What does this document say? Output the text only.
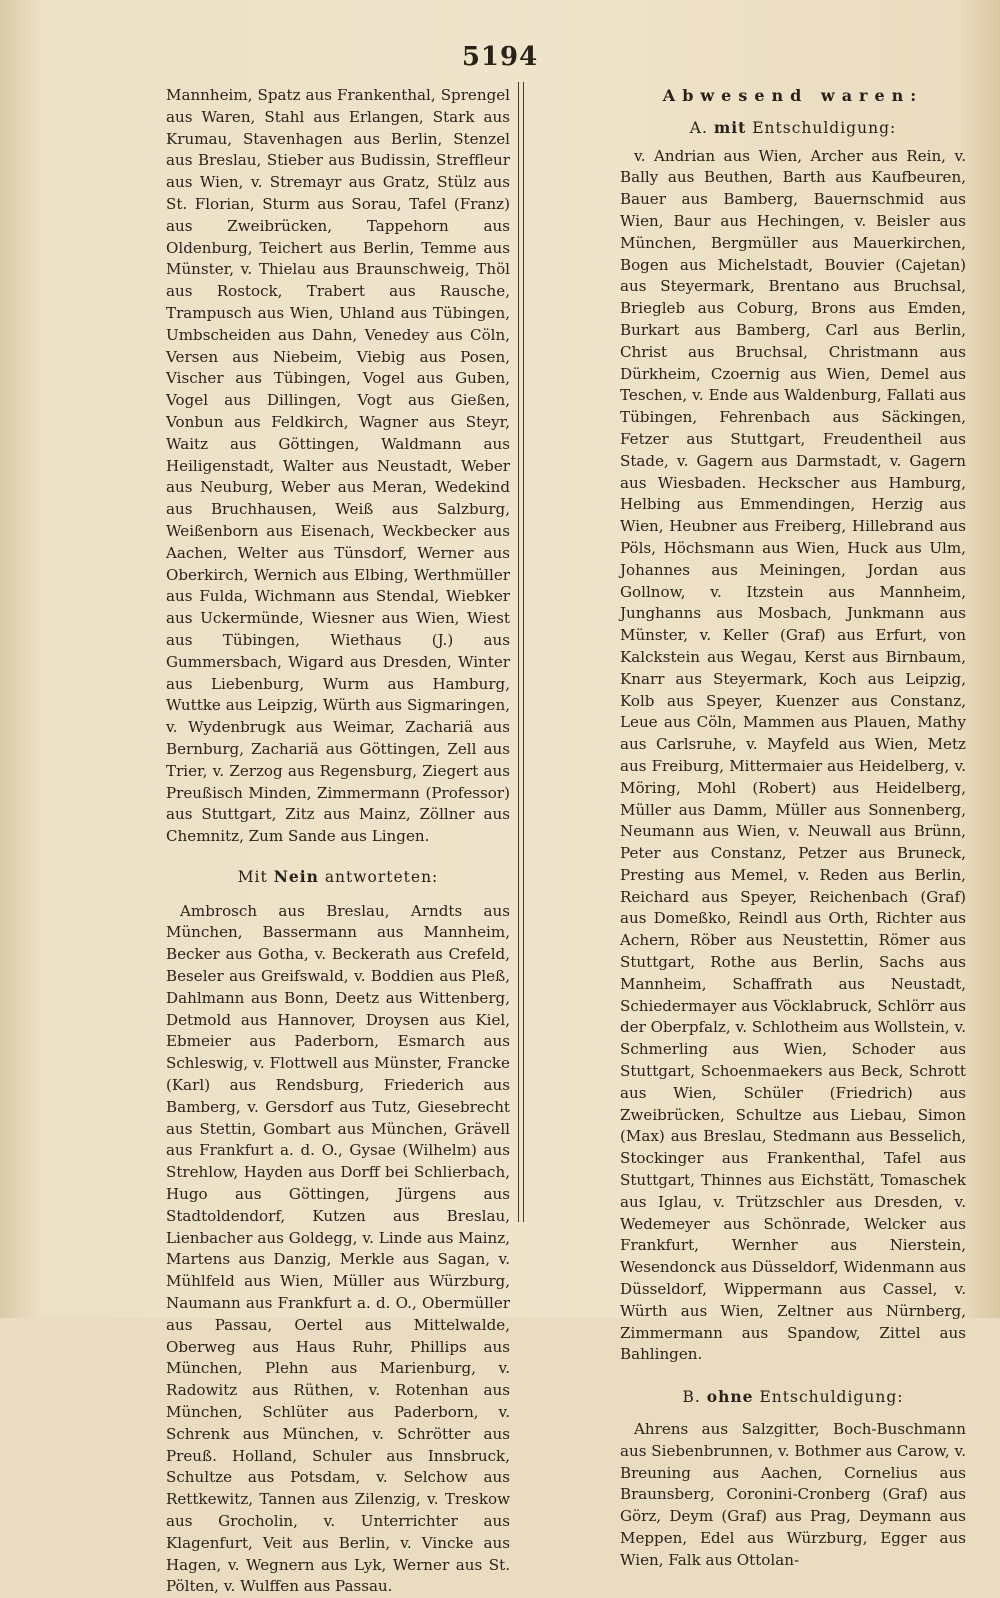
5194

Mannheim, Spatz aus Frankenthal, Sprengel aus Waren, Stahl aus Erlangen, Stark aus Krumau, Stavenhagen aus Berlin, Stenzel aus Breslau, Stieber aus Budissin, Streffleur aus Wien, v. Stremayr aus Gratz, Stülz aus St. Florian, Sturm aus Sorau, Tafel (Franz) aus Zweibrücken, Tappehorn aus Oldenburg, Teichert aus Berlin, Temme aus Münster, v. Thielau aus Braunschweig, Thöl aus Rostock, Trabert aus Rausche, Trampusch aus Wien, Uhland aus Tübingen, Umbscheiden aus Dahn, Venedey aus Cöln, Versen aus Niebeim, Viebig aus Posen, Vischer aus Tübingen, Vogel aus Guben, Vogel aus Dillingen, Vogt aus Gießen, Vonbun aus Feldkirch, Wagner aus Steyr, Waitz aus Göttingen, Waldmann aus Heiligenstadt, Walter aus Neustadt, Weber aus Neuburg, Weber aus Meran, Wedekind aus Bruchhausen, Weiß aus Salzburg, Weißenborn aus Eisenach, Weckbecker aus Aachen, Welter aus Tünsdorf, Werner aus Oberkirch, Wernich aus Elbing, Werthmüller aus Fulda, Wichmann aus Stendal, Wiebker aus Uckermünde, Wiesner aus Wien, Wiest aus Tübingen, Wiethaus (J.) aus Gummersbach, Wigard aus Dresden, Winter aus Liebenburg, Wurm aus Hamburg, Wuttke aus Leipzig, Würth aus Sigmaringen, v. Wydenbrugk aus Weimar, Zachariä aus Bernburg, Zachariä aus Göttingen, Zell aus Trier, v. Zerzog aus Regensburg, Ziegert aus Preußisch Minden, Zimmermann (Professor) aus Stuttgart, Zitz aus Mainz, Zöllner aus Chemnitz, Zum Sande aus Lingen.

Mit Nein antworteten:

Ambrosch aus Breslau, Arndts aus München, Bassermann aus Mannheim, Becker aus Gotha, v. Beckerath aus Crefeld, Beseler aus Greifswald, v. Boddien aus Pleß, Dahlmann aus Bonn, Deetz aus Wittenberg, Detmold aus Hannover, Droysen aus Kiel, Ebmeier aus Paderborn, Esmarch aus Schleswig, v. Flottwell aus Münster, Francke (Karl) aus Rendsburg, Friederich aus Bamberg, v. Gersdorf aus Tutz, Giesebrecht aus Stettin, Gombart aus München, Grävell aus Frankfurt a. d. O., Gysae (Wilhelm) aus Strehlow, Hayden aus Dorff bei Schlierbach, Hugo aus Göttingen, Jürgens aus Stadtoldendorf, Kutzen aus Breslau, Lienbacher aus Goldegg, v. Linde aus Mainz, Martens aus Danzig, Merkle aus Sagan, v. Mühlfeld aus Wien, Müller aus Würzburg, Naumann aus Frankfurt a. d. O., Obermüller aus Passau, Oertel aus Mittelwalde, Oberweg aus Haus Ruhr, Phillips aus München, Plehn aus Marienburg, v. Radowitz aus Rüthen, v. Rotenhan aus München, Schlüter aus Paderborn, v. Schrenk aus München, v. Schrötter aus Preuß. Holland, Schuler aus Innsbruck, Schultze aus Potsdam, v. Selchow aus Rettkewitz, Tannen aus Zilenzig, v. Treskow aus Grocholin, v. Unterrichter aus Klagenfurt, Veit aus Berlin, v. Vincke aus Hagen, v. Wegnern aus Lyk, Werner aus St. Pölten, v. Wulffen aus Passau.

Abwesend waren:
A. mit Entschuldigung:

v. Andrian aus Wien, Archer aus Rein, v. Bally aus Beuthen, Barth aus Kaufbeuren, Bauer aus Bamberg, Bauernschmid aus Wien, Baur aus Hechingen, v. Beisler aus München, Bergmüller aus Mauerkirchen, Bogen aus Michelstadt, Bouvier (Cajetan) aus Steyermark, Brentano aus Bruchsal, Briegleb aus Coburg, Brons aus Emden, Burkart aus Bamberg, Carl aus Berlin, Christ aus Bruchsal, Christmann aus Dürkheim, Czoernig aus Wien, Demel aus Teschen, v. Ende aus Waldenburg, Fallati aus Tübingen, Fehrenbach aus Säckingen, Fetzer aus Stuttgart, Freudentheil aus Stade, v. Gagern aus Darmstadt, v. Gagern aus Wiesbaden. Heckscher aus Hamburg, Helbing aus Emmendingen, Herzig aus Wien, Heubner aus Freiberg, Hillebrand aus Pöls, Höchsmann aus Wien, Huck aus Ulm, Johannes aus Meiningen, Jordan aus Gollnow, v. Itzstein aus Mannheim, Junghanns aus Mosbach, Junkmann aus Münster, v. Keller (Graf) aus Erfurt, von Kalckstein aus Wegau, Kerst aus Birnbaum, Knarr aus Steyermark, Koch aus Leipzig, Kolb aus Speyer, Kuenzer aus Constanz, Leue aus Cöln, Mammen aus Plauen, Mathy aus Carlsruhe, v. Mayfeld aus Wien, Metz aus Freiburg, Mittermaier aus Heidelberg, v. Möring, Mohl (Robert) aus Heidelberg, Müller aus Damm, Müller aus Sonnenberg, Neumann aus Wien, v. Neuwall aus Brünn, Peter aus Constanz, Petzer aus Bruneck, Presting aus Memel, v. Reden aus Berlin, Reichard aus Speyer, Reichenbach (Graf) aus Domeßko, Reindl aus Orth, Richter aus Achern, Röber aus Neustettin, Römer aus Stuttgart, Rothe aus Berlin, Sachs aus Mannheim, Schaffrath aus Neustadt, Schiedermayer aus Vöcklabruck, Schlörr aus der Oberpfalz, v. Schlotheim aus Wollstein, v. Schmerling aus Wien, Schoder aus Stuttgart, Schoenmaekers aus Beck, Schrott aus Wien, Schüler (Friedrich) aus Zweibrücken, Schultze aus Liebau, Simon (Max) aus Breslau, Stedmann aus Besselich, Stockinger aus Frankenthal, Tafel aus Stuttgart, Thinnes aus Eichstätt, Tomaschek aus Iglau, v. Trützschler aus Dresden, v. Wedemeyer aus Schönrade, Welcker aus Frankfurt, Wernher aus Nierstein, Wesendonck aus Düsseldorf, Widenmann aus Düsseldorf, Wippermann aus Cassel, v. Würth aus Wien, Zeltner aus Nürnberg, Zimmermann aus Spandow, Zittel aus Bahlingen.

B. ohne Entschuldigung:

Ahrens aus Salzgitter, Boch-Buschmann aus Siebenbrunnen, v. Bothmer aus Carow, v. Breuning aus Aachen, Cornelius aus Braunsberg, Coronini-Cronberg (Graf) aus Görz, Deym (Graf) aus Prag, Deymann aus Meppen, Edel aus Würzburg, Egger aus Wien, Falk aus Ottolan-
